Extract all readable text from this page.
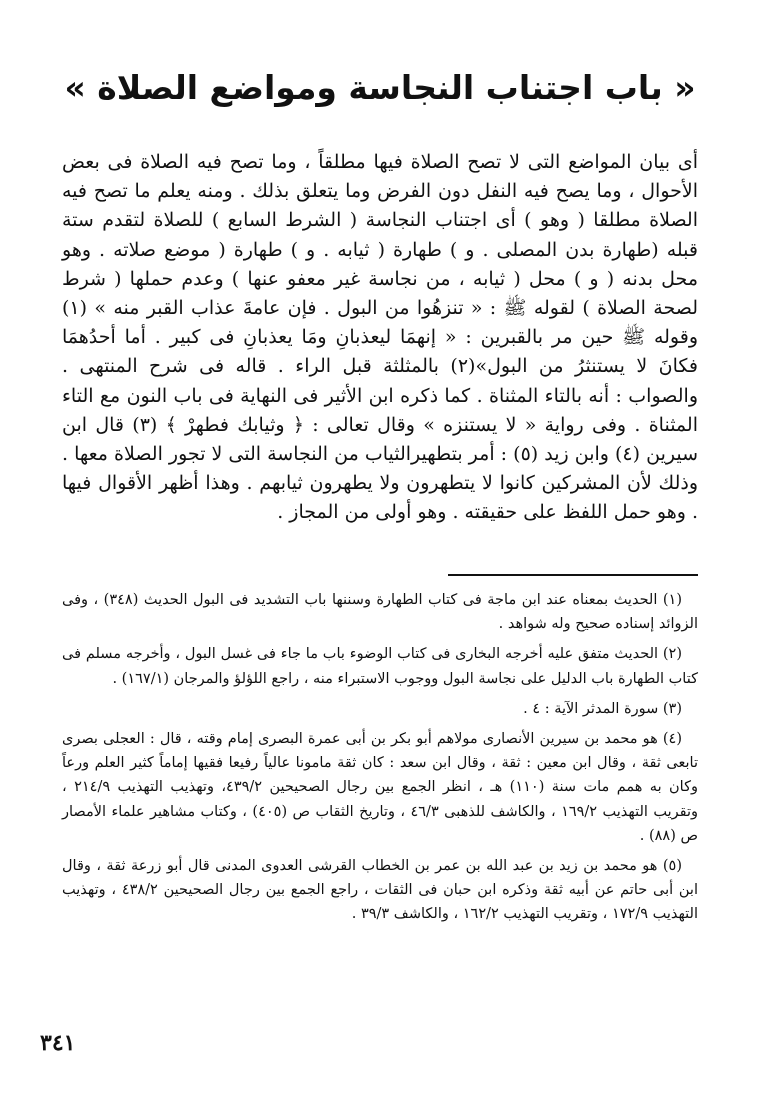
« باب اجتناب النجاسة ومواضع الصلاة »

أى بيان المواضع التى لا تصح الصلاة فيها مطلقاً ، وما تصح فيه الصلاة فى بعض الأحوال ، وما يصح فيه النفل دون الفرض وما يتعلق بذلك . ومنه يعلم ما تصح فيه الصلاة مطلقا ( وهو ) أى اجتناب النجاسة ( الشرط السابع ) للصلاة لتقدم ستة قبله (طهارة بدن المصلى . و ) طهارة ( ثيابه . و ) طهارة ( موضع صلاته . وهو محل بدنه ( و ) محل ( ثيابه ، من نجاسة غير معفو عنها ) وعدم حملها ( شرط لصحة الصلاة ) لقوله ﷺ : « تنزهُوا من البول . فإن عامةَ عذاب القبر منه » (١) وقوله ﷺ حين مر بالقبرين : « إنهمَا ليعذبانِ ومَا يعذبانِ فى كبير . أما أحدُهمَا فكانَ لا يستنثرُ من البول»(٢) بالمثلثة قبل الراء . قاله فى شرح المنتهى . والصواب : أنه بالتاء المثناة . كما ذكره ابن الأثير فى النهاية فى باب النون مع التاء المثناة . وفى رواية « لا يستنزه » وقال تعالى : ﴿ وثيابك فطهرْ ﴾ (٣) قال ابن سيرين (٤) وابن زيد (٥) : أمر بتطهيرالثياب من النجاسة التى لا تجور الصلاة معها . وذلك لأن المشركين كانوا لا يتطهرون ولا يطهرون ثيابهم . وهذا أظهر الأقوال فيها . وهو حمل اللفظ على حقيقته . وهو أولى من المجاز .

(١) الحديث بمعناه عند ابن ماجة فى كتاب الطهارة وسننها باب التشديد فى البول الحديث (٣٤٨) ، وفى الزوائد إسناده صحيح وله شواهد .

(٢) الحديث متفق عليه أخرجه البخارى فى كتاب الوضوء باب ما جاء فى غسل البول ، وأخرجه مسلم فى كتاب الطهارة باب الدليل على نجاسة البول ووجوب الاستبراء منه ، راجع اللؤلؤ والمرجان (١٦٧/١) .

(٣) سورة المدثر الآية : ٤ .

(٤) هو محمد بن سيرين الأنصارى مولاهم أبو بكر بن أبى عمرة البصرى إمام وقته ، قال : العجلى بصرى تابعى ثقة ، وقال ابن معين : ثقة ، وقال ابن سعد : كان ثقة مامونا عالياً رفيعا فقيها إماماً كثير العلم ورعاً وكان به همم مات سنة (١١٠) هـ ، انظر الجمع بين رجال الصحيحين ٤٣٩/٢، وتهذيب التهذيب ٢١٤/٩ ، وتقريب التهذيب ١٦٩/٢ ، والكاشف للذهبى ٤٦/٣ ، وتاريخ الثقاب ص (٤٠٥) ، وكتاب مشاهير علماء الأمصار ص (٨٨) .

(٥) هو محمد بن زيد بن عبد الله بن عمر بن الخطاب القرشى العدوى المدنى قال أبو زرعة ثقة ، وقال ابن أبى حاتم عن أبيه ثقة وذكره ابن حبان فى الثقات ، راجع الجمع بين رجال الصحيحين ٤٣٨/٢ ، وتهذيب التهذيب ١٧٢/٩ ، وتقريب التهذيب ١٦٢/٢ ، والكاشف ٣٩/٣ .

٣٤١
